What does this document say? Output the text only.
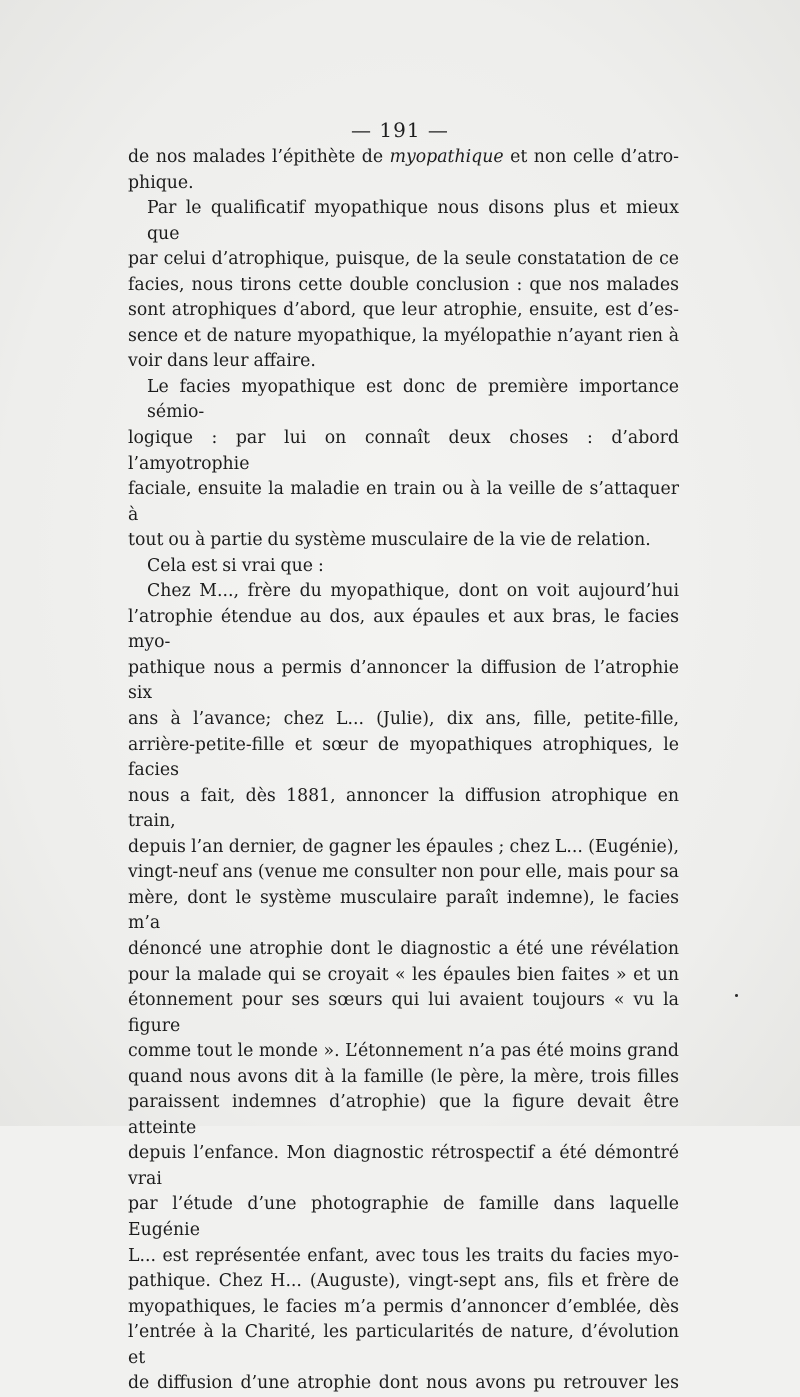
— 191 —

de nos malades l’épithète de myopathique et non celle d’atro-

phique.

Par le qualificatif myopathique nous disons plus et mieux que

par celui d’atrophique, puisque, de la seule constatation de ce

facies, nous tirons cette double conclusion : que nos malades

sont atrophiques d’abord, que leur atrophie, ensuite, est d’es-

sence et de nature myopathique, la myélopathie n’ayant rien à

voir dans leur affaire.

Le facies myopathique est donc de première importance sémio-

logique : par lui on connaît deux choses : d’abord l’amyotrophie

faciale, ensuite la maladie en train ou à la veille de s’attaquer à

tout ou à partie du système musculaire de la vie de relation.

Cela est si vrai que :

Chez M..., frère du myopathique, dont on voit aujourd’hui

l’atrophie étendue au dos, aux épaules et aux bras, le facies myo-

pathique nous a permis d’annoncer la diffusion de l’atrophie six

ans à l’avance; chez L... (Julie), dix ans, fille, petite-fille,

arrière-petite-fille et sœur de myopathiques atrophiques, le facies

nous a fait, dès 1881, annoncer la diffusion atrophique en train,

depuis l’an dernier, de gagner les épaules ; chez L... (Eugénie),

vingt-neuf ans (venue me consulter non pour elle, mais pour sa

mère, dont le système musculaire paraît indemne), le facies m’a

dénoncé une atrophie dont le diagnostic a été une révélation

pour la malade qui se croyait « les épaules bien faites » et un

étonnement pour ses sœurs qui lui avaient toujours « vu la figure

comme tout le monde ». L’étonnement n’a pas été moins grand

quand nous avons dit à la famille (le père, la mère, trois filles

paraissent indemnes d’atrophie) que la figure devait être atteinte

depuis l’enfance. Mon diagnostic rétrospectif a été démontré vrai

par l’étude d’une photographie de famille dans laquelle Eugénie

L... est représentée enfant, avec tous les traits du facies myo-

pathique. Chez H... (Auguste), vingt-sept ans, fils et frère de

myopathiques, le facies m’a permis d’annoncer d’emblée, dès

l’entrée à la Charité, les particularités de nature, d’évolution et

de diffusion d’une atrophie dont nous avons pu retrouver les
